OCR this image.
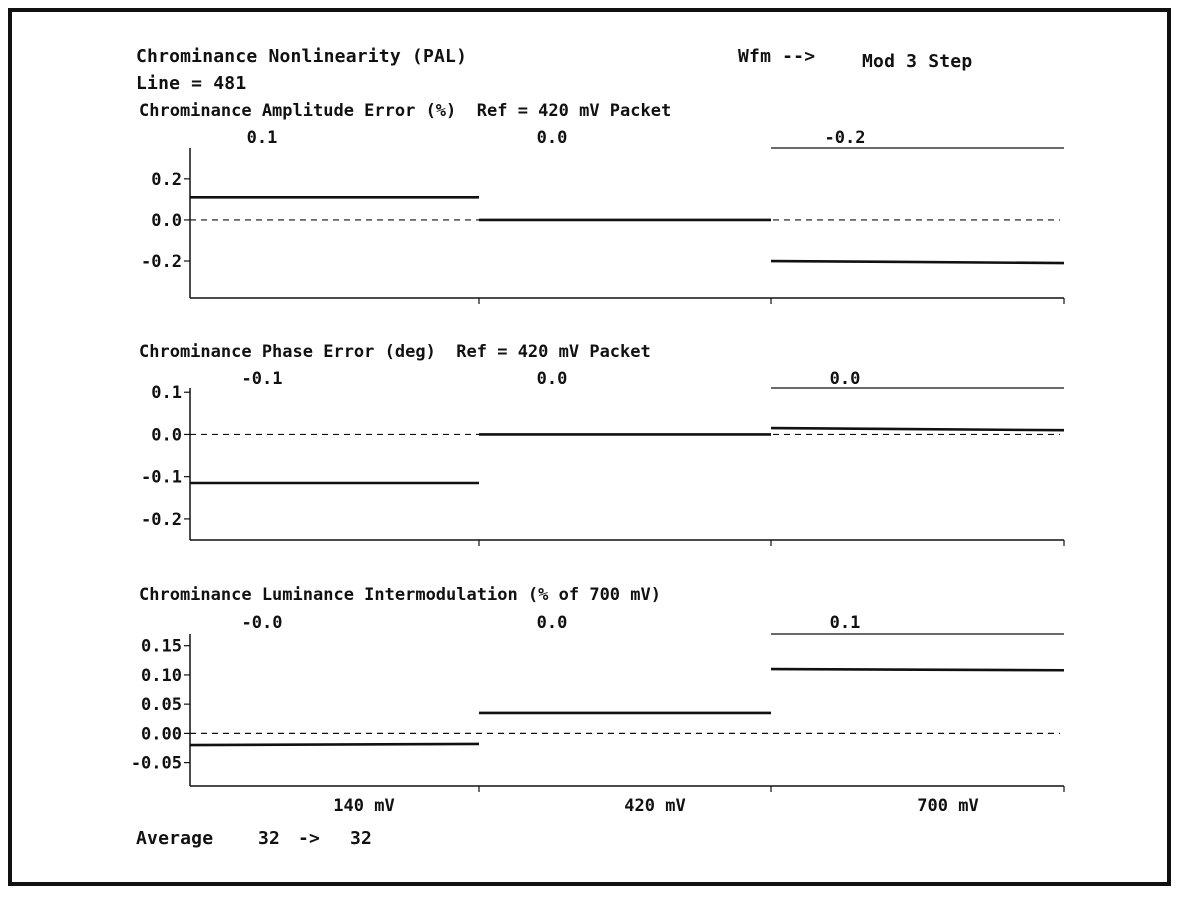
Chrominance Nonlinearity (PAL)
Line = 481
Wfm -->	Mod 3 Step
Chrominance Amplitude Error (%)  Ref = 420 mV Packet
0.1	0.0	-0.2
0.2
0.0
-0.2
Chrominance Phase Error (deg)  Ref = 420 mV Packet
-0.1	0.0	0.0
0.1
0.0
-0.1
-0.2
Chrominance Luminance Intermodulation (% of 700 mV)
-0.0	0.0	0.1
0.15
0.10
0.05
0.00
-0.05
140 mV	420 mV	700 mV
Average 32 -> 32
